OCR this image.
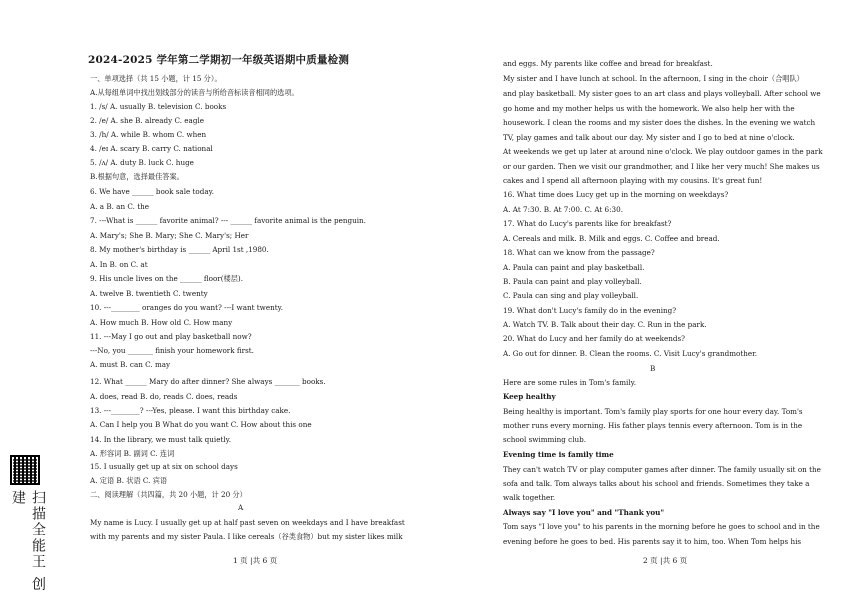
扫描全能王 创建
2024-2025 学年第二学期初一年级英语期中质量检测
一、单项选择（共 15 小题，计 15 分）。
A.从每组单词中找出划线部分的读音与所给音标读音相同的选项。
1. /s/ A. usually B. television C. books
2. /e/ A. she B. already C. eagle
3. /h/ A. while B. whom C. when
4. /eɪ A. scary B. carry C. national
5. /ʌ/ A. duty B. luck C. huge
B.根据句意，选择最佳答案。
6. We have ______ book sale today.
A. a B. an C. the
7. ---What is ______ favorite animal? --- ______ favorite animal is the penguin.
A. Mary's; She B. Mary; She C. Mary's; Her
8. My mother's birthday is ______ April 1st ,1980.
A. In B. on C. at
9. His uncle lives on the ______ floor(楼层).
A. twelve B. twentieth C. twenty
10. ---________ oranges do you want? ---I want twenty.
A. How much B. How old C. How many
11. ---May I go out and play basketball now?
---No, you _______ finish your homework first.
A. must B. can C. may
12. What ______ Mary do after dinner? She always _______ books.
A. does, read B. do, reads C. does, reads
13. ---________? ---Yes, please. I want this birthday cake.
A. Can I help you B What do you want C. How about this one
14. In the library, we must talk quietly.
A. 形容词 B. 副词 C. 连词
15. I usually get up at six on school days
A. 定语 B. 状语 C. 宾语
二、阅读理解（共四篇，共 20 小题，计 20 分）
A
My name is Lucy. I usually get up at half past seven on weekdays and I have breakfast
with my parents and my sister Paula. I like cereals（谷类食物）but my sister likes milk
1 页 |共 6 页
and eggs. My parents like coffee and bread for breakfast.
My sister and I have lunch at school. In the afternoon, I sing in the choir（合唱队）
and play basketball. My sister goes to an art class and plays volleyball. After school we
go home and my mother helps us with the homework. We also help her with the
housework. I clean the rooms and my sister does the dishes. In the evening we watch
TV, play games and talk about our day. My sister and I go to bed at nine o'clock.
At weekends we get up later at around nine o'clock. We play outdoor games in the park
or our garden. Then we visit our grandmother, and I like her very much! She makes us
cakes and I spend all afternoon playing with my cousins. It's great fun!
16. What time does Lucy get up in the morning on weekdays?
A. At 7:30. B. At 7:00. C. At 6:30.
17. What do Lucy's parents like for breakfast?
A. Cereals and milk. B. Milk and eggs. C. Coffee and bread.
18. What can we know from the passage?
A. Paula can paint and play basketball.
B. Paula can paint and play volleyball.
C. Paula can sing and play volleyball.
19. What don't Lucy's family do in the evening?
A. Watch TV. B. Talk about their day. C. Run in the park.
20. What do Lucy and her family do at weekends?
A. Go out for dinner. B. Clean the rooms. C. Visit Lucy's grandmother.
B
Here are some rules in Tom's family.
Keep healthy
Being healthy is important. Tom's family play sports for one hour every day. Tom's
mother runs every morning. His father plays tennis every afternoon. Tom is in the
school swimming club.
Evening time is family time
They can't watch TV or play computer games after dinner. The family usually sit on the
sofa and talk. Tom always talks about his school and friends. Sometimes they take a
walk together.
Always say "I love you" and "Thank you"
Tom says "I love you" to his parents in the morning before he goes to school and in the
evening before he goes to bed. His parents say it to him, too. When Tom helps his
2 页 |共 6 页
